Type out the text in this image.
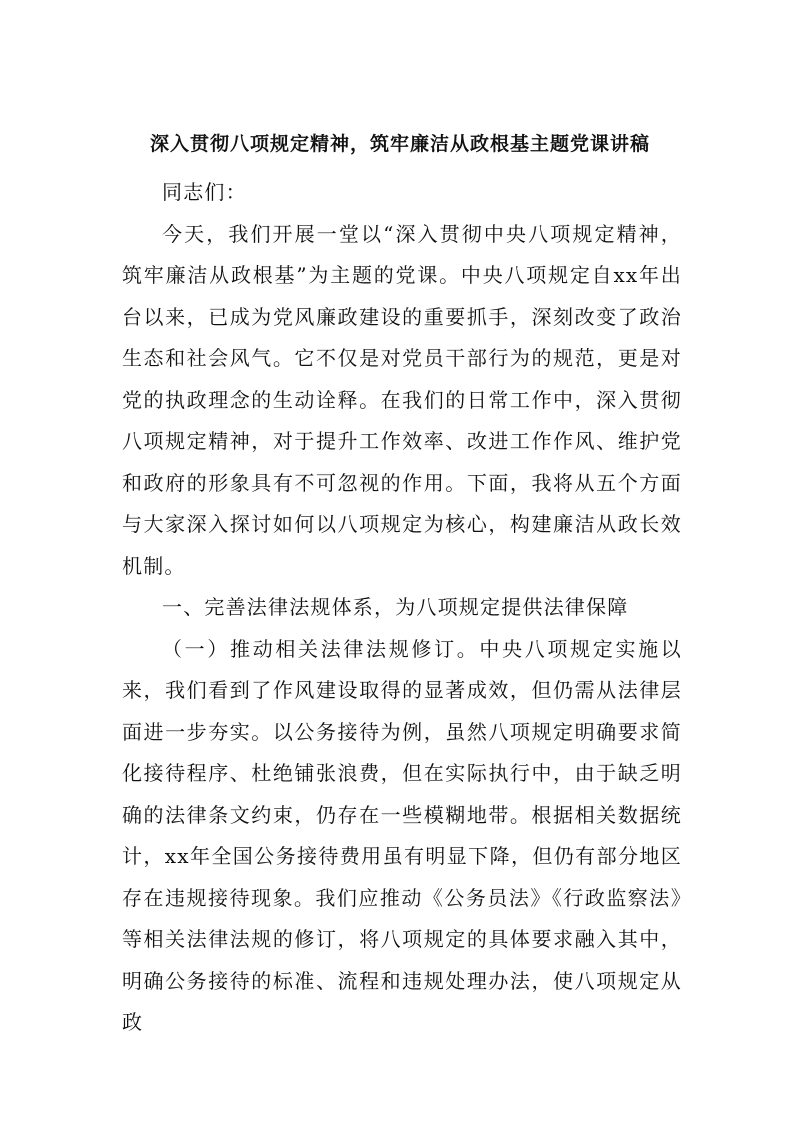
深入贯彻八项规定精神，筑牢廉洁从政根基主题党课讲稿

同志们：

今天，我们开展一堂以“深入贯彻中央八项规定精神，筑牢廉洁从政根基”为主题的党课。中央八项规定自xx年出台以来，已成为党风廉政建设的重要抓手，深刻改变了政治生态和社会风气。它不仅是对党员干部行为的规范，更是对党的执政理念的生动诠释。在我们的日常工作中，深入贯彻八项规定精神，对于提升工作效率、改进工作作风、维护党和政府的形象具有不可忽视的作用。下面，我将从五个方面与大家深入探讨如何以八项规定为核心，构建廉洁从政长效机制。

一、完善法律法规体系，为八项规定提供法律保障

（一）推动相关法律法规修订。中央八项规定实施以来，我们看到了作风建设取得的显著成效，但仍需从法律层面进一步夯实。以公务接待为例，虽然八项规定明确要求简化接待程序、杜绝铺张浪费，但在实际执行中，由于缺乏明确的法律条文约束，仍存在一些模糊地带。根据相关数据统计，xx年全国公务接待费用虽有明显下降，但仍有部分地区存在违规接待现象。我们应推动《公务员法》《行政监察法》等相关法律法规的修订，将八项规定的具体要求融入其中，明确公务接待的标准、流程和违规处理办法，使八项规定从政
